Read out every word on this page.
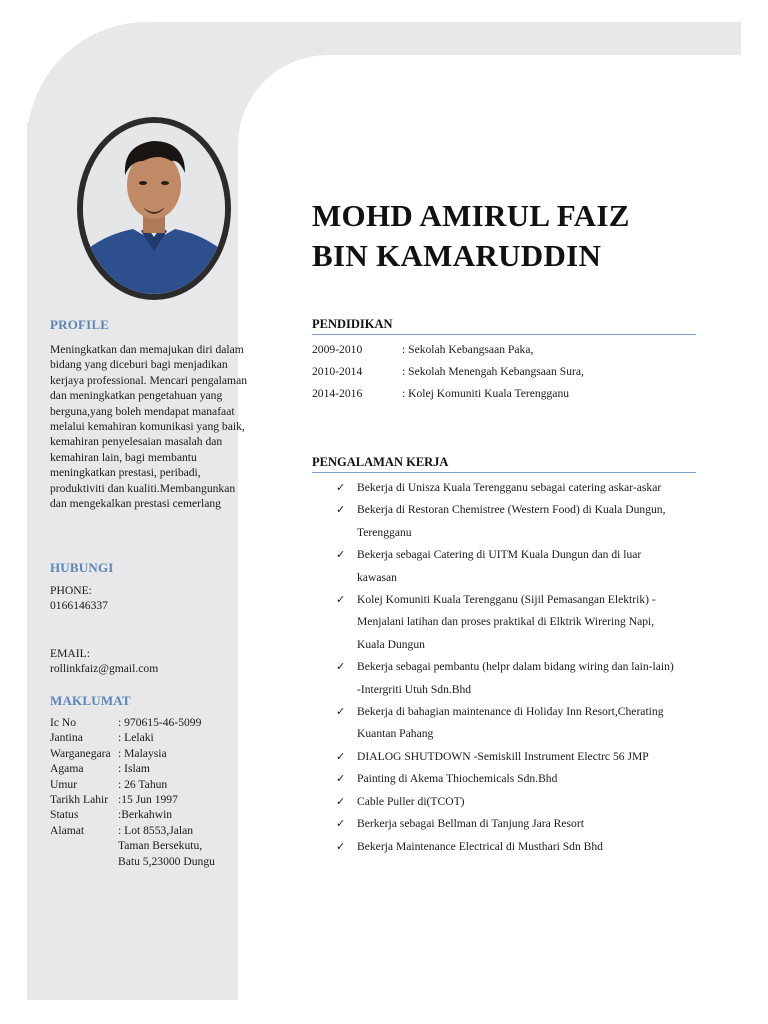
PROFILE
Meningkatkan dan memajukan diri dalam
bidang yang diceburi bagi menjadikan
kerjaya professional. Mencari pengalaman
dan meningkatkan pengetahuan yang
berguna,yang boleh mendapat manafaat
melalui kemahiran komunikasi yang baik,
kemahiran penyelesaian masalah dan
kemahiran lain, bagi membantu
meningkatkan prestasi, peribadi,
produktiviti dan kualiti.Membangunkan
dan mengekalkan prestasi cemerlang
HUBUNGI
PHONE:
0166146337
EMAIL:
rollinkfaiz@gmail.com
MAKLUMAT
Ic No	: 970615-46-5099
Jantina	: Lelaki
Warganegara	: Malaysia
Agama	: Islam
Umur	: 26 Tahun
Tarikh Lahir	:15 Jun 1997
Status	:Berkahwin
Alamat	: Lot 8553,Jalan
	Taman Bersekutu,
	Batu 5,23000 Dungu
MOHD AMIRUL FAIZ
BIN KAMARUDDIN
PENDIDIKAN
2009-2010	: Sekolah Kebangsaan Paka,
2010-2014	: Sekolah Menengah Kebangsaan Sura,
2014-2016	: Kolej Komuniti Kuala Terengganu
PENGALAMAN KERJA
✓ Bekerja di Unisza Kuala Terengganu sebagai catering askar-askar
✓ Bekerja di Restoran Chemistree (Western Food) di Kuala Dungun,
Terengganu
✓ Bekerja sebagai Catering di UITM Kuala Dungun dan di luar
kawasan
✓ Kolej Komuniti Kuala Terengganu (Sijil Pemasangan Elektrik) -
Menjalani latihan dan proses praktikal di Elktrik Wirering Napi,
Kuala Dungun
✓ Bekerja sebagai pembantu (helpr dalam bidang wiring dan lain-lain)
-Intergriti Utuh Sdn.Bhd
✓ Bekerja di bahagian maintenance di Holiday Inn Resort,Cherating
Kuantan Pahang
✓ DIALOG SHUTDOWN -Semiskill Instrument Electrc 56 JMP
✓ Painting di Akema Thiochemicals Sdn.Bhd
✓ Cable Puller di(TCOT)
✓ Berkerja sebagai Bellman di Tanjung Jara Resort
✓ Bekerja Maintenance Electrical di Musthari Sdn Bhd
